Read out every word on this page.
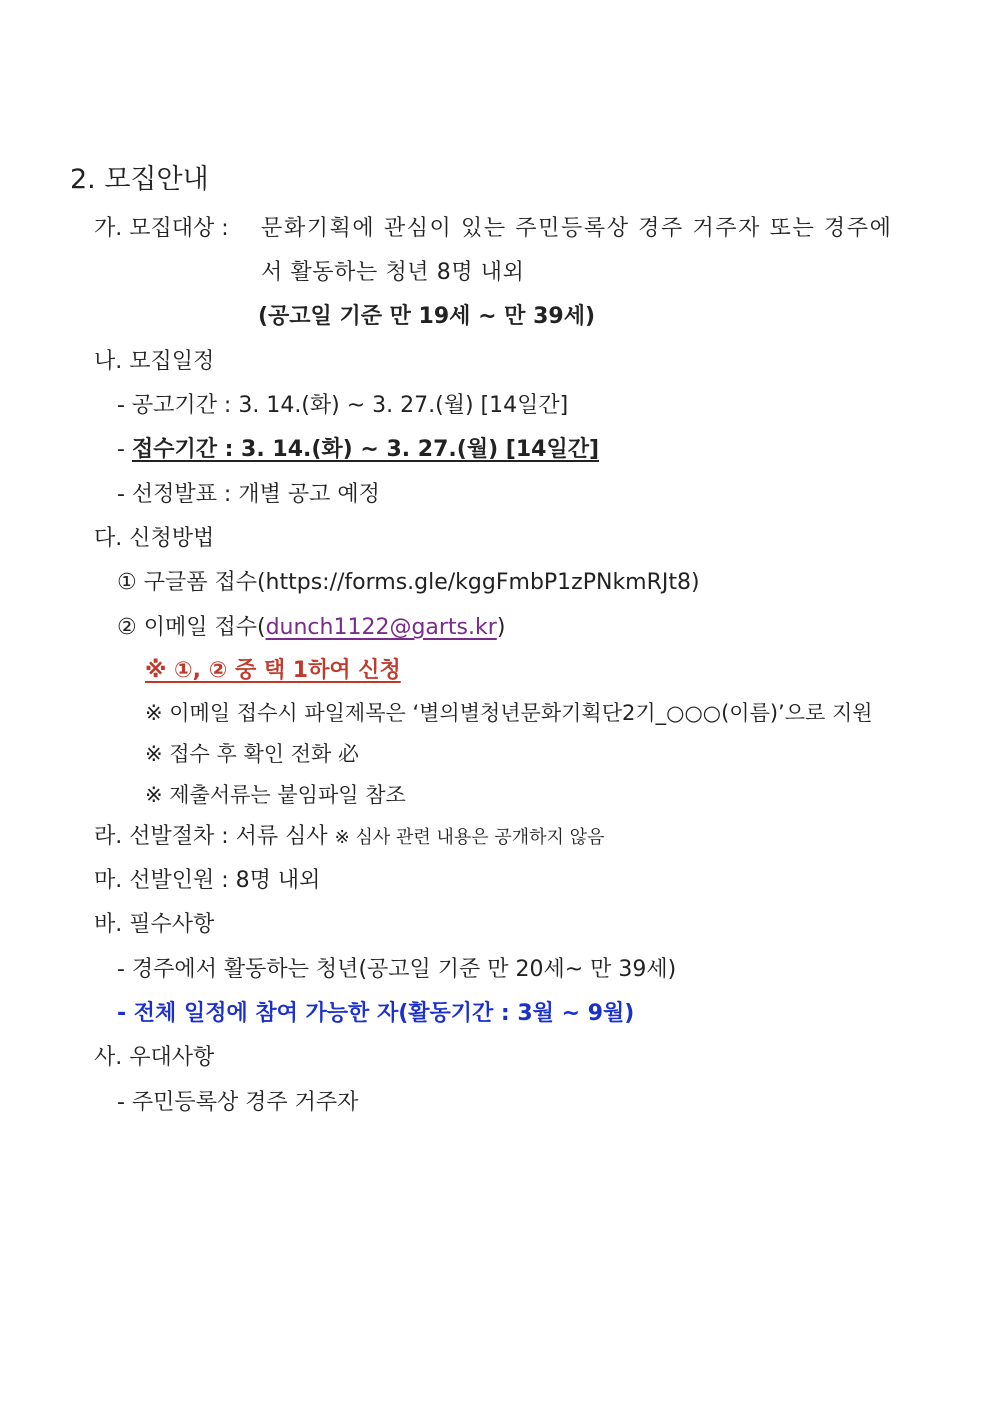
2. 모집안내
가. 모집대상 : 문화기획에 관심이 있는 주민등록상 경주 거주자 또는 경주에
서 활동하는 청년 8명 내외
(공고일 기준 만 19세 ~ 만 39세)
나. 모집일정
- 공고기간 : 3. 14.(화) ~ 3. 27.(월) [14일간]
- 접수기간 : 3. 14.(화) ~ 3. 27.(월) [14일간]
- 선정발표 : 개별 공고 예정
다. 신청방법
① 구글폼 접수(https://forms.gle/kggFmbP1zPNkmRJt8)
② 이메일 접수(dunch1122@garts.kr)
※ ①, ② 중 택 1하여 신청
※ 이메일 접수시 파일제목은 ‘별의별청년문화기획단2기_○○○(이름)’으로 지원
※ 접수 후 확인 전화 必
※ 제출서류는 붙임파일 참조
라. 선발절차 : 서류 심사 ※ 심사 관련 내용은 공개하지 않음
마. 선발인원 : 8명 내외
바. 필수사항
- 경주에서 활동하는 청년(공고일 기준 만 20세~ 만 39세)
- 전체 일정에 참여 가능한 자(활동기간 : 3월 ~ 9월)
사. 우대사항
- 주민등록상 경주 거주자
